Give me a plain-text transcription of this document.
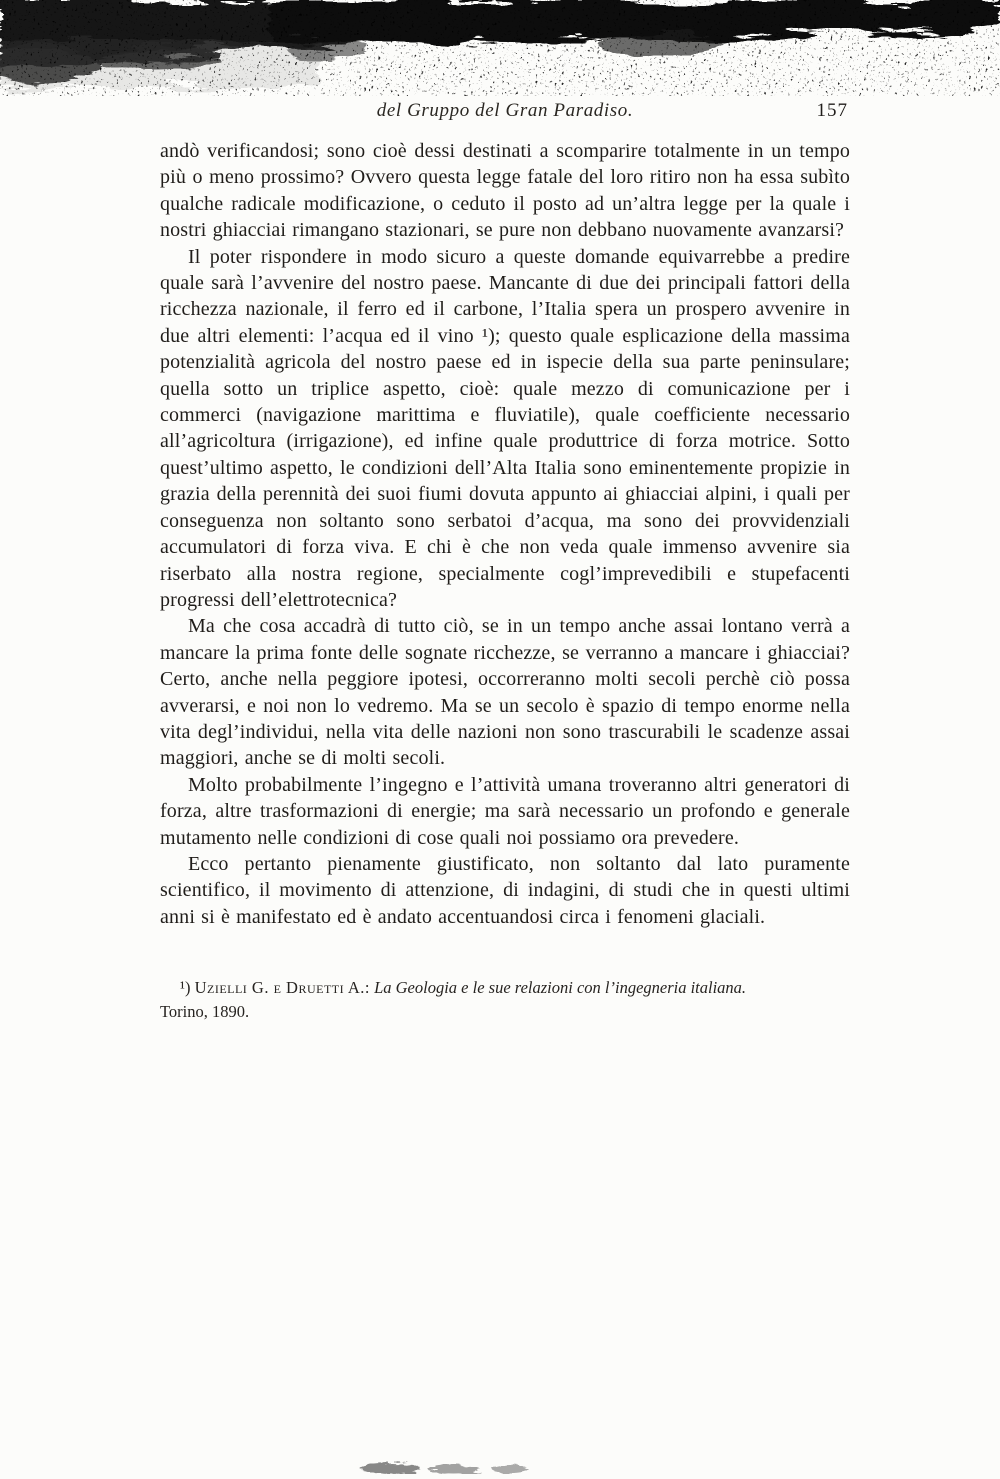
del Gruppo del Gran Paradiso.	157

andò verificandosi; sono cioè dessi destinati a scomparire totalmente in un tempo più o meno prossimo? Ovvero questa legge fatale del loro ritiro non ha essa subìto qualche radicale modificazione, o ceduto il posto ad un’altra legge per la quale i nostri ghiacciai rimangano stazionari, se pure non debbano nuovamente avanzarsi?

Il poter rispondere in modo sicuro a queste domande equivarrebbe a predire quale sarà l’avvenire del nostro paese. Mancante di due dei principali fattori della ricchezza nazionale, il ferro ed il carbone, l’Italia spera un prospero avvenire in due altri elementi: l’acqua ed il vino ¹); questo quale esplicazione della massima potenzialità agricola del nostro paese ed in ispecie della sua parte peninsulare; quella sotto un triplice aspetto, cioè: quale mezzo di comunicazione per i commerci (navigazione marittima e fluviatile), quale coefficiente necessario all’agricoltura (irrigazione), ed infine quale produttrice di forza motrice. Sotto quest’ultimo aspetto, le condizioni dell’Alta Italia sono eminentemente propizie in grazia della perennità dei suoi fiumi dovuta appunto ai ghiacciai alpini, i quali per conseguenza non soltanto sono serbatoi d’acqua, ma sono dei provvidenziali accumulatori di forza viva. E chi è che non veda quale immenso avvenire sia riserbato alla nostra regione, specialmente cogl’imprevedibili e stupefacenti progressi dell’elettrotecnica?

Ma che cosa accadrà di tutto ciò, se in un tempo anche assai lontano verrà a mancare la prima fonte delle sognate ricchezze, se verranno a mancare i ghiacciai? Certo, anche nella peggiore ipotesi, occorreranno molti secoli perchè ciò possa avverarsi, e noi non lo vedremo. Ma se un secolo è spazio di tempo enorme nella vita degl’individui, nella vita delle nazioni non sono trascurabili le scadenze assai maggiori, anche se di molti secoli.

Molto probabilmente l’ingegno e l’attività umana troveranno altri generatori di forza, altre trasformazioni di energie; ma sarà necessario un profondo e generale mutamento nelle condizioni di cose quali noi possiamo ora prevedere.

Ecco pertanto pienamente giustificato, non soltanto dal lato puramente scientifico, il movimento di attenzione, di indagini, di studi che in questi ultimi anni si è manifestato ed è andato accentuandosi circa i fenomeni glaciali.

¹) Uzielli G. e Druetti A.: La Geologia e le sue relazioni con l’ingegneria italiana.

Torino, 1890.
